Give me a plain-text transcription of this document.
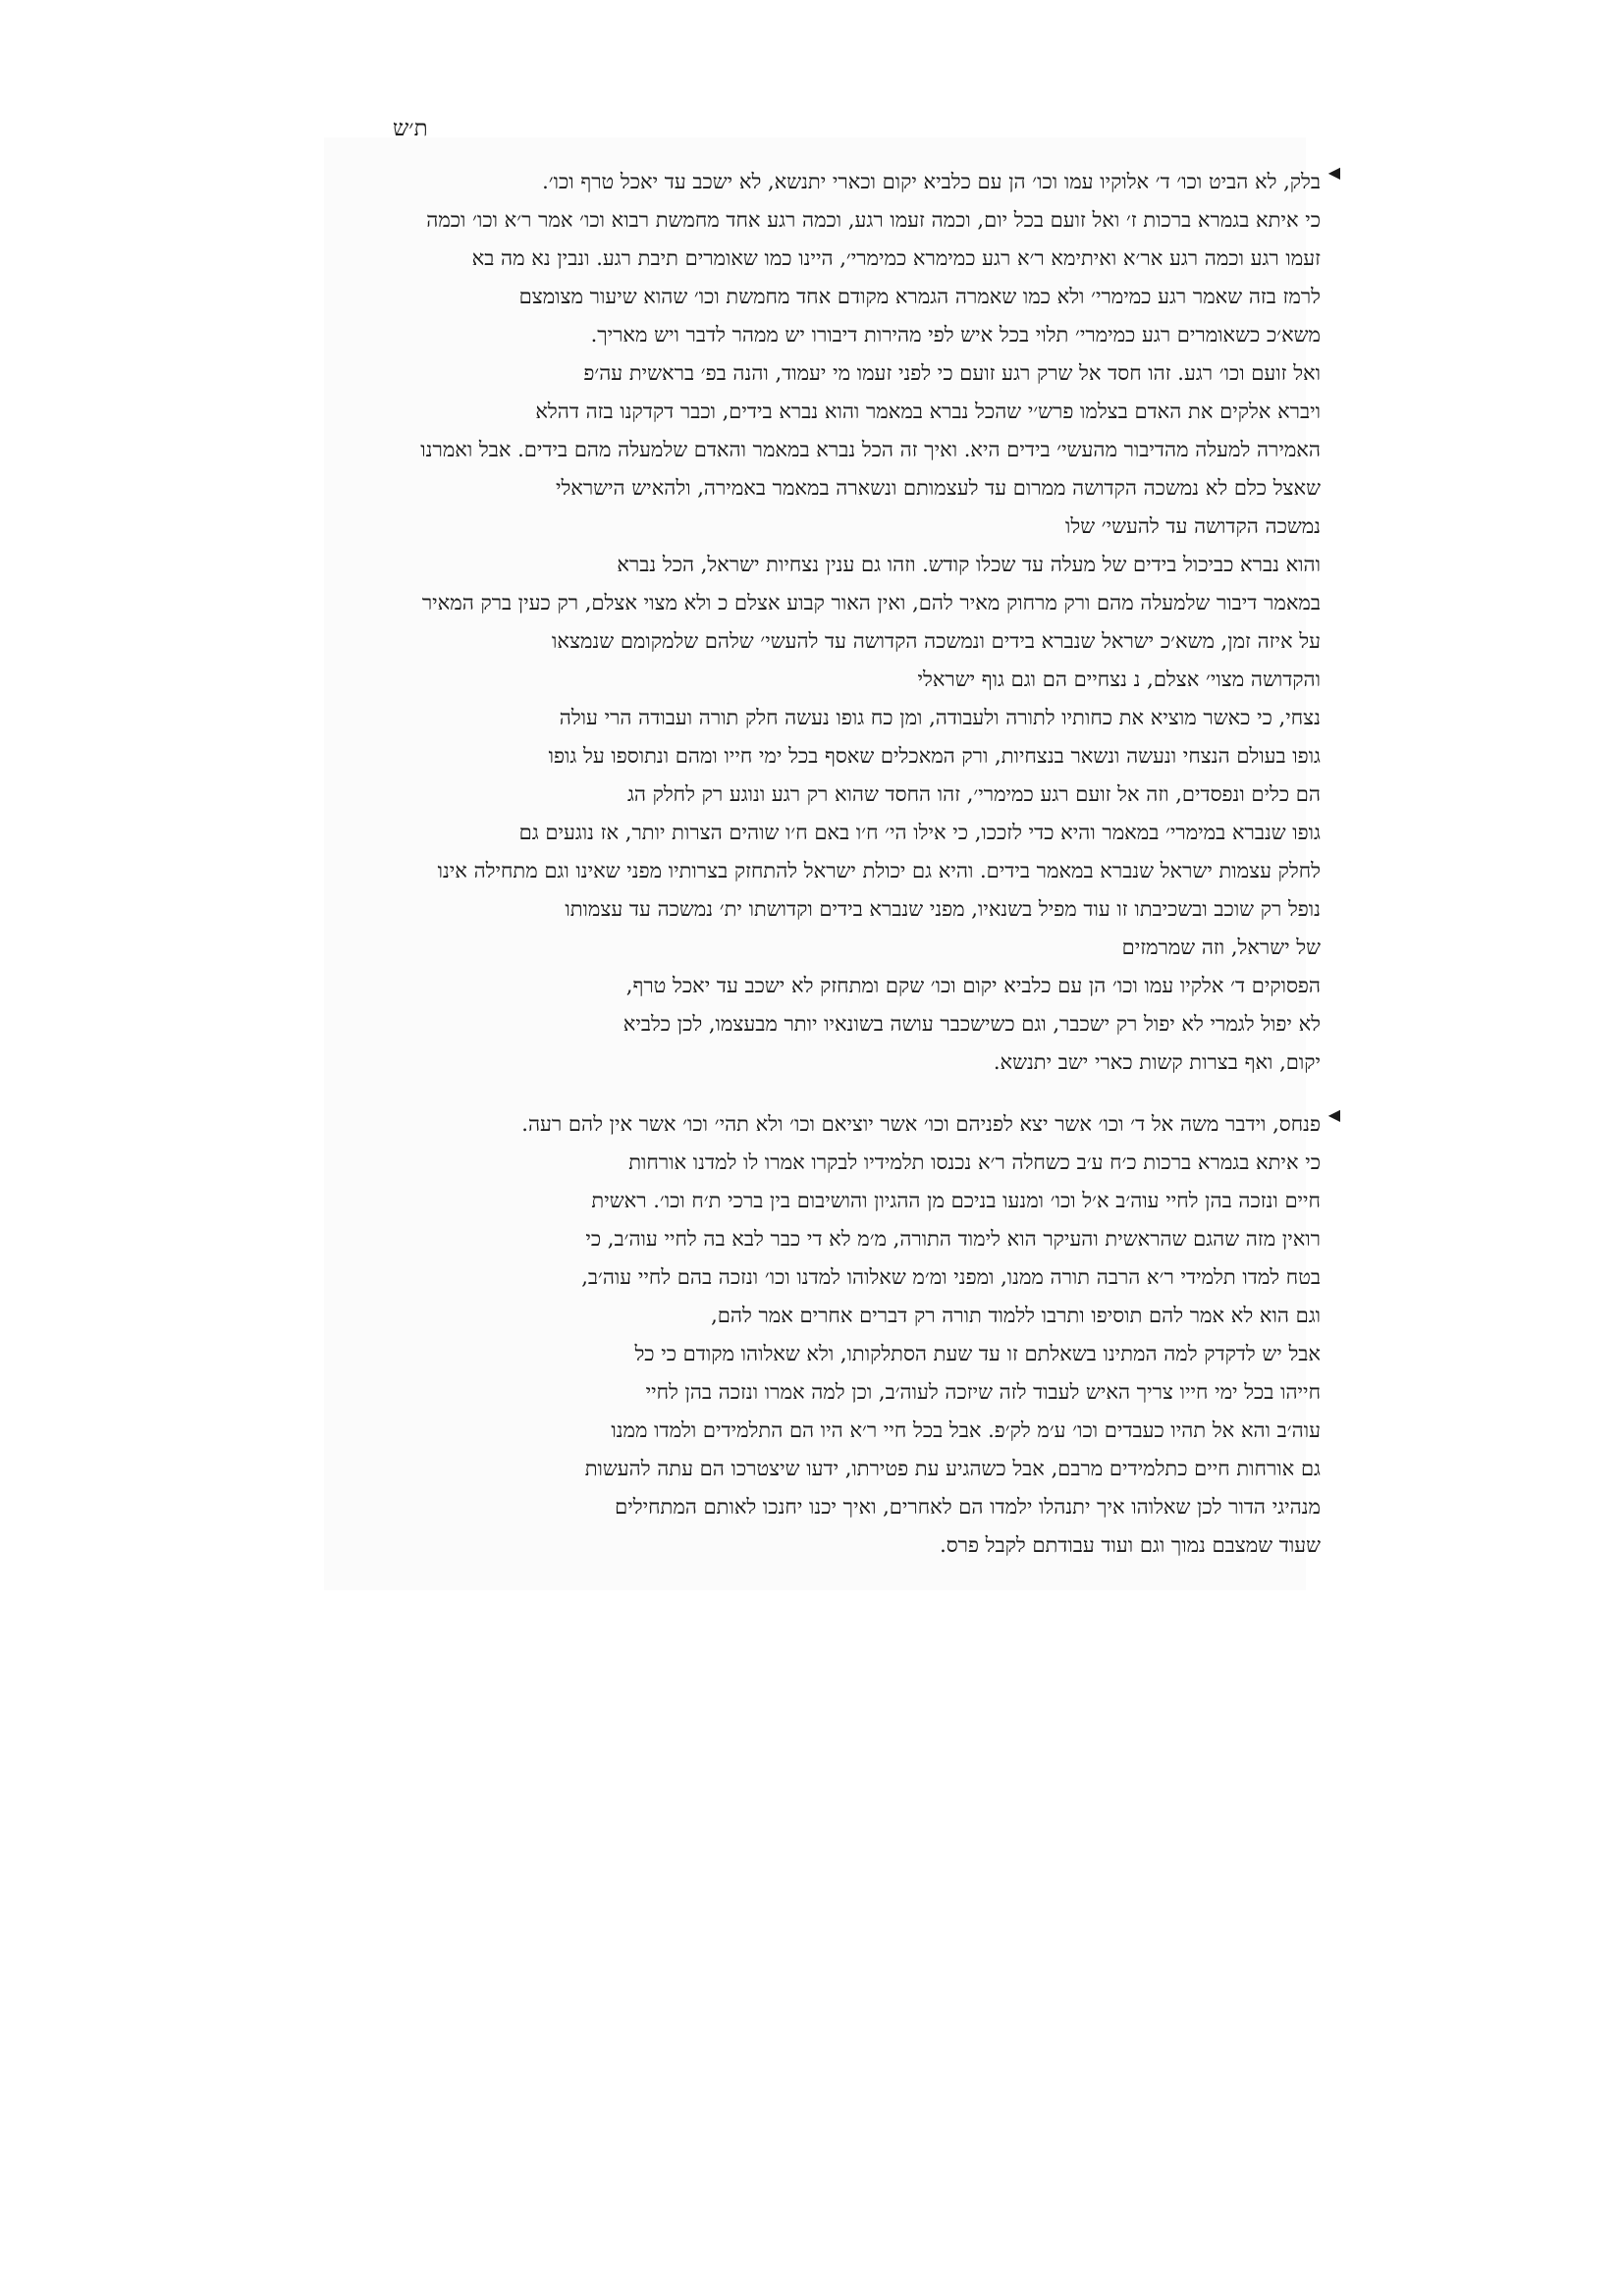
ת׳ש
◀
בלק, לא הביט וכו׳ ד׳ אלוקיו עמו וכו׳ הן עם כלביא יקום וכארי יתנשא, לא ישכב עד יאכל טרף וכו׳.
כי איתא בגמרא ברכות ז׳ ואל זועם בכל יום, וכמה זעמו רגע, וכמה רגע אחד מחמשת רבוא וכו׳ אמר ר׳א וכו׳ וכמה
זעמו רגע וכמה רגע אר׳א ואיתימא ר׳א רגע כמימרא כמימרי׳, היינו כמו שאומרים תיבת רגע. ונבין נא מה בא
לרמז בזה שאמר רגע כמימרי׳ ולא כמו שאמרה הגמרא מקודם אחד מחמשת וכו׳ שהוא שיעור מצומצם
משא׳כ כשאומרים רגע כמימרי׳ תלוי בכל איש לפי מהירות דיבורו יש ממהר לדבר ויש מאריך.
ואל זועם וכו׳ רגע. זהו חסד אל שרק רגע זועם כי לפני זעמו מי יעמוד, והנה בפ׳ בראשית עה׳פ
ויברא אלקים את האדם בצלמו פרש׳י שהכל נברא במאמר והוא נברא בידים, וכבר דקדקנו בזה דהלא
האמירה למעלה מהדיבור מהעשי׳ בידים היא. ואיך זה הכל נברא במאמר והאדם שלמעלה מהם בידים. אבל ואמרנו
שאצל כלם לא נמשכה הקדושה ממרום עד לעצמותם ונשארה במאמר באמירה, ולהאיש הישראלי
נמשכה הקדושה עד להעשי׳ שלו
והוא נברא כביכול בידים של מעלה עד שכלו קודש. וזהו גם ענין נצחיות ישראל, הכל נברא
במאמר דיבור שלמעלה מהם ורק מרחוק מאיר להם, ואין האור קבוע אצלם כ ולא מצוי אצלם, רק כעין ברק המאיר
על איזה זמן, משא׳כ ישראל שנברא בידים ונמשכה הקדושה עד להעשי׳ שלהם שלמקומם שנמצאו
והקדושה מצוי׳ אצלם, נ נצחיים הם וגם גוף ישראלי
נצחי, כי כאשר מוציא את כחותיו לתורה ולעבודה, ומן כח גופו נעשה חלק תורה ועבודה הרי עולה
גופו בעולם הנצחי ונעשה ונשאר בנצחיות, ורק המאכלים שאסף בכל ימי חייו ומהם ונתוספו על גופו
הם כלים ונפסדים, וזה אל זועם רגע כמימרי׳, זהו החסד שהוא רק רגע ונוגע רק לחלק הג
גופו שנברא במימרי׳ במאמר והיא כדי לזככו, כי אילו הי׳ ח׳ו באם ח׳ו שוהים הצרות יותר, אז נוגעים גם
לחלק עצמות ישראל שנברא במאמר בידים. והיא גם יכולת ישראל להתחזק בצרותיו מפני שאינו וגם מתחילה אינו
נופל רק שוכב ובשכיבתו זו עוד מפיל בשנאיו, מפני שנברא בידים וקדושתו ית׳ נמשכה עד עצמותו
של ישראל, וזה שמרמזים
הפסוקים ד׳ אלקיו עמו וכו׳ הן עם כלביא יקום וכו׳ שקם ומתחזק לא ישכב עד יאכל טרף,
לא יפול לגמרי לא יפול רק ישכבר, וגם כשישכבר עושה בשונאיו יותר מבעצמו, לכן כלביא
יקום, ואף בצרות קשות כארי ישב יתנשא.
◀
פנחס, וידבר משה אל ד׳ וכו׳ אשר יצא לפניהם וכו׳ אשר יוציאם וכו׳ ולא תהי׳ וכו׳ אשר אין להם רעה.
כי איתא בגמרא ברכות כ׳ח ע׳ב כשחלה ר׳א נכנסו תלמידיו לבקרו אמרו לו למדנו אורחות
חיים ונזכה בהן לחיי עוה׳ב א׳ל וכו׳ ומנעו בניכם מן ההגיון והושיבום בין ברכי ת׳ח וכו׳. ראשית
רואין מזה שהגם שהראשית והעיקר הוא לימוד התורה, מ׳מ לא די כבר לבא בה לחיי עוה׳ב, כי
בטח למדו תלמידי ר׳א הרבה תורה ממנו, ומפני ומ׳מ שאלוהו למדנו וכו׳ ונזכה בהם לחיי עוה׳ב,
וגם הוא לא אמר להם תוסיפו ותרבו ללמוד תורה רק דברים אחרים אמר להם,
אבל יש לדקדק למה המתינו בשאלתם זו עד שעת הסתלקותו, ולא שאלוהו מקודם כי כל
חייהו בכל ימי חייו צריך האיש לעבוד לזה שיזכה לעוה׳ב, וכן למה אמרו ונזכה בהן לחיי
עוה׳ב והא אל תהיו כעבדים וכו׳ ע׳מ לק׳פ. אבל בכל חיי ר׳א היו הם התלמידים ולמדו ממנו
גם אורחות חיים כתלמידים מרבם, אבל כשהגיע עת פטירתו, ידעו שיצטרכו הם עתה להעשות
מנהיגי הדור לכן שאלוהו איך יתנהלו ילמדו הם לאחרים, ואיך יכנו יחנכו לאותם המתחילים
שעוד שמצבם נמוך וגם ועוד עבודתם לקבל פרס.
